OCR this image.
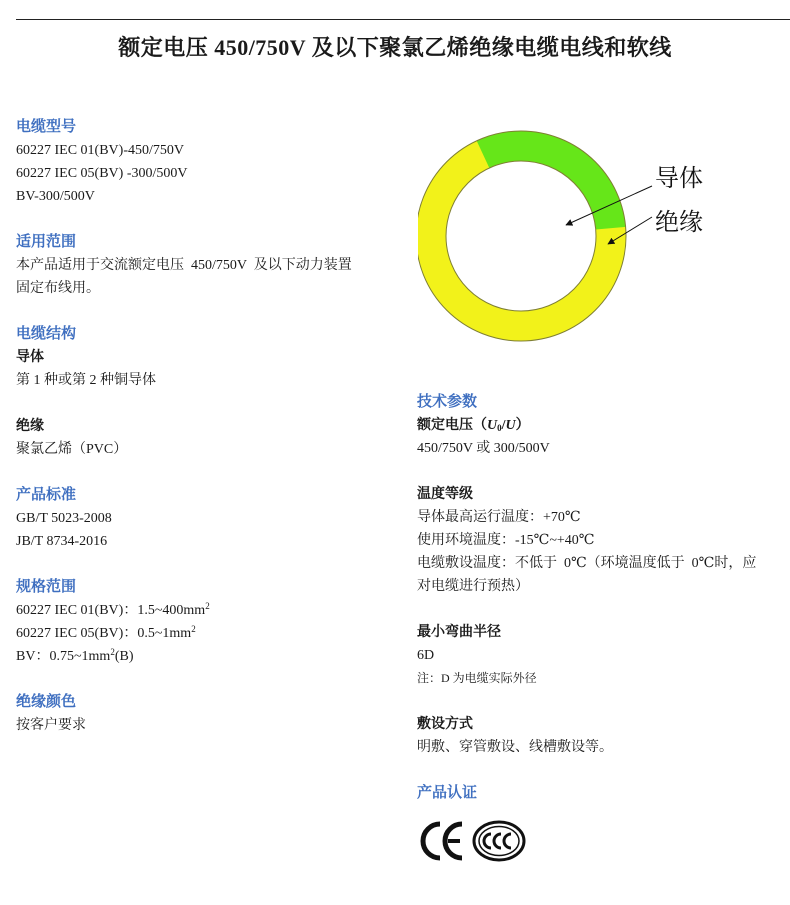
额定电压 450/750V 及以下聚氯乙烯绝缘电缆电线和软线
电缆型号
60227 IEC 01(BV)-450/750V
60227 IEC 05(BV) -300/500V
BV-300/500V
适用范围
本产品适用于交流额定电压  450/750V  及以下动力装置
固定布线用。
电缆结构
导体
第 1 种或第 2 种铜导体
绝缘
聚氯乙烯（PVC）
产品标准
GB/T 5023-2008
JB/T 8734-2016
规格范围
60227 IEC 01(BV)：$1.5\sim 400mm^2$
60227 IEC 05(BV)：$0.5\sim 1mm^2$
BV：$0.75\sim 1mm^2(B)$
绝缘颜色
按客户要求
导体
绝缘
技术参数
额定电压$(U_0/U)$
450/750V 或 300/500V
温度等级
导体最高运行温度：+70℃
使用环境温度：-15℃~+40℃
电缆敷设温度：不低于  0℃（环境温度低于  0℃时，应
对电缆进行预热）
最小弯曲半径
6D
注：D 为电缆实际外径
敷设方式
明敷、穿管敷设、线槽敷设等。
产品认证
